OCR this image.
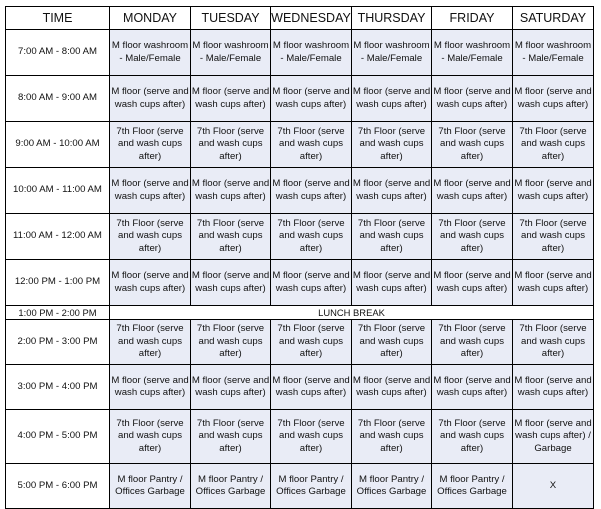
TIME	MONDAY	TUESDAY	WEDNESDAY	THURSDAY	FRIDAY	SATURDAY
7:00 AM - 8:00 AM	M floor washroom - Male/Female	M floor washroom - Male/Female	M floor washroom - Male/Female	M floor washroom - Male/Female	M floor washroom - Male/Female	M floor washroom - Male/Female
8:00 AM - 9:00 AM	M floor (serve and wash cups after)	M floor (serve and wash cups after)	M floor (serve and wash cups after)	M floor (serve and wash cups after)	M floor (serve and wash cups after)	M floor (serve and wash cups after)
9:00 AM - 10:00 AM	7th Floor (serve and wash cups after)	7th Floor (serve and wash cups after)	7th Floor (serve and wash cups after)	7th Floor (serve and wash cups after)	7th Floor (serve and wash cups after)	7th Floor (serve and wash cups after)
10:00 AM - 11:00 AM	M floor (serve and wash cups after)	M floor (serve and wash cups after)	M floor (serve and wash cups after)	M floor (serve and wash cups after)	M floor (serve and wash cups after)	M floor (serve and wash cups after)
11:00 AM - 12:00 AM	7th Floor (serve and wash cups after)	7th Floor (serve and wash cups after)	7th Floor (serve and wash cups after)	7th Floor (serve and wash cups after)	7th Floor (serve and wash cups after)	7th Floor (serve and wash cups after)
12:00 PM - 1:00 PM	M floor (serve and wash cups after)	M floor (serve and wash cups after)	M floor (serve and wash cups after)	M floor (serve and wash cups after)	M floor (serve and wash cups after)	M floor (serve and wash cups after)
1:00 PM - 2:00 PM	LUNCH BREAK					
2:00 PM - 3:00 PM	7th Floor (serve and wash cups after)	7th Floor (serve and wash cups after)	7th Floor (serve and wash cups after)	7th Floor (serve and wash cups after)	7th Floor (serve and wash cups after)	7th Floor (serve and wash cups after)
3:00 PM - 4:00 PM	M floor (serve and wash cups after)	M floor (serve and wash cups after)	M floor (serve and wash cups after)	M floor (serve and wash cups after)	M floor (serve and wash cups after)	M floor (serve and wash cups after)
4:00 PM - 5:00 PM	7th Floor (serve and wash cups after)	7th Floor (serve and wash cups after)	7th Floor (serve and wash cups after)	7th Floor (serve and wash cups after)	7th Floor (serve and wash cups after)	M floor (serve and wash cups after) / Garbage
5:00 PM - 6:00 PM	M floor Pantry / Offices Garbage	M floor Pantry / Offices Garbage	M floor Pantry / Offices Garbage	M floor Pantry / Offices Garbage	M floor Pantry / Offices Garbage	X
